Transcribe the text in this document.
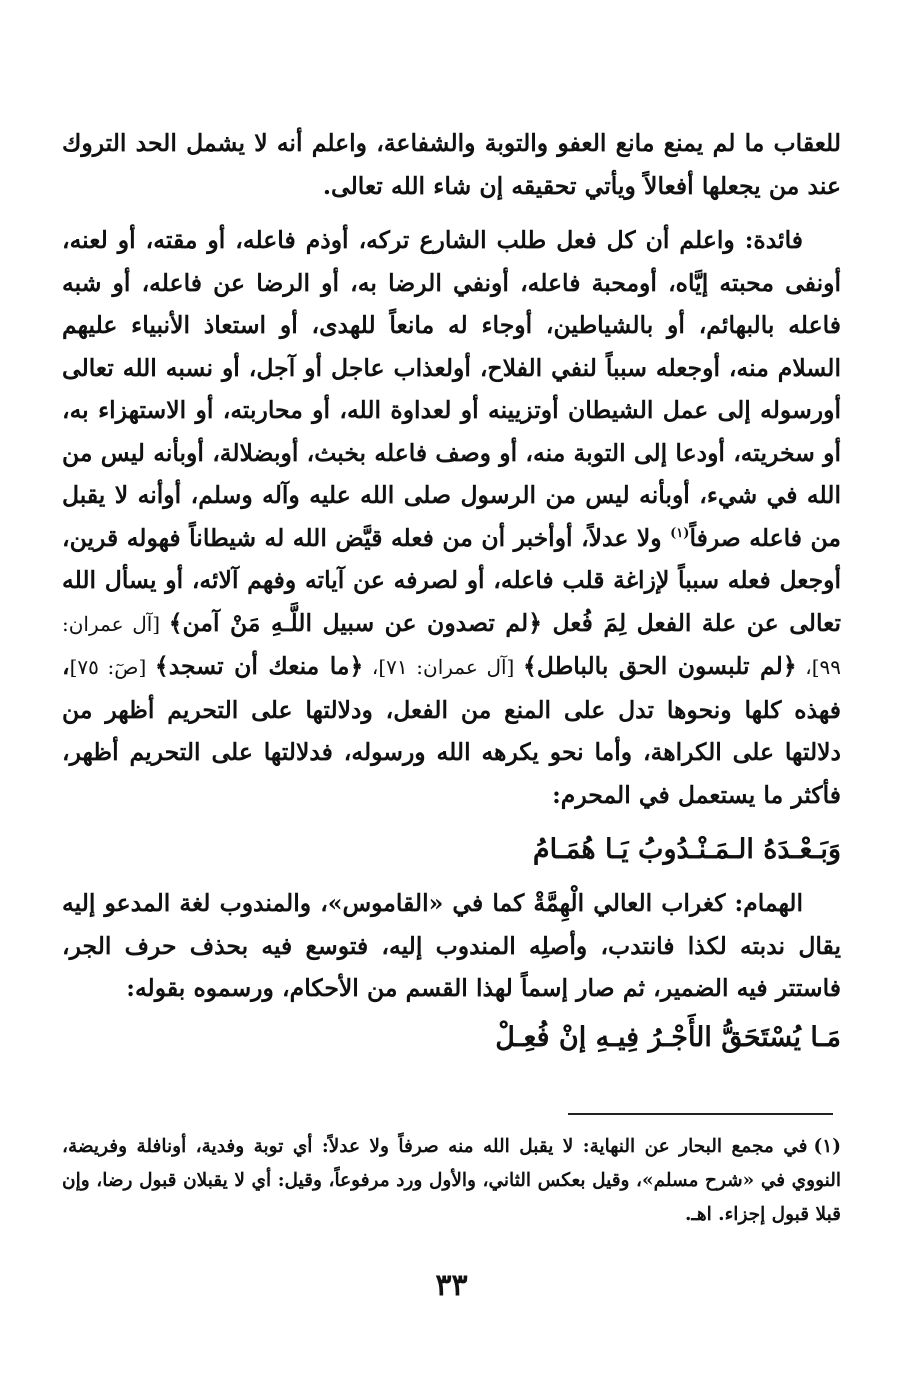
للعقاب ما لم يمنع مانع العفو والتوبة والشفاعة، واعلم أنه لا يشمل الحد التروك عند من يجعلها أفعالاً ويأتي تحقيقه إن شاء الله تعالى.

فائدة: واعلم أن كل فعل طلب الشارع تركه، أوذم فاعله، أو مقته، أو لعنه، أونفى محبته إيَّاه، أومحبة فاعله، أونفي الرضا به، أو الرضا عن فاعله، أو شبه فاعله بالبهائم، أو بالشياطين، أوجاء له مانعاً للهدى، أو استعاذ الأنبياء عليهم السلام منه، أوجعله سبباً لنفي الفلاح، أولعذاب عاجل أو آجل، أو نسبه الله تعالى أورسوله إلى عمل الشيطان أوتزيينه أو لعداوة الله، أو محاربته، أو الاستهزاء به، أو سخريته، أودعا إلى التوبة منه، أو وصف فاعله بخبث، أوبضلالة، أوبأنه ليس من الله في شيء، أوبأنه ليس من الرسول صلى الله عليه وآله وسلم، أوأنه لا يقبل من فاعله صرفاً$^{(١)}$ ولا عدلاً، أوأخبر أن من فعله قيَّض الله له شيطاناً فهوله قرين، أوجعل فعله سبباً لإزاغة قلب فاعله، أو لصرفه عن آياته وفهم آلائه، أو يسأل الله تعالى عن علة الفعل لِمَ فُعل ﴿لم تصدون عن سبيل اللَّـهِ مَنْ آمن﴾ [آل عمران: ٩٩]، ﴿لم تلبسون الحق بالباطل﴾ [آل عمران: ٧١]، ﴿ما منعك أن تسجد﴾ [صٓ: ٧٥]، فهذه كلها ونحوها تدل على المنع من الفعل، ودلالتها على التحريم أظهر من دلالتها على الكراهة، وأما نحو يكرهه الله ورسوله، فدلالتها على التحريم أظهر، فأكثر ما يستعمل في المحرم:

وَبَـعْـدَهُ الـمَـنْـدُوبُ يَـا هُمَـامُ

الهمام: كغراب العالي الْهِمَّةْ كما في «القاموس»، والمندوب لغة المدعو إليه يقال ندبته لكذا فانتدب، وأصلِه المندوب إليه، فتوسع فيه بحذف حرف الجر، فاستتر فيه الضمير، ثم صار إسماً لهذا القسم من الأحكام، ورسموه بقوله:

مَـا يُسْتَحَقُّ الأَجْـرُ فِيـهِ إنْ فُعِـلْ
(١)في مجمع البحار عن النهاية: لا يقبل الله منه صرفاً ولا عدلاً: أي توبة وفدية، أونافلة وفريضة، النووي في «شرح مسلم»، وقيل بعكس الثاني، والأول ورد مرفوعاً، وقيل: أي لا يقبلان قبول رضا، وإن قبلا قبول إجزاء. اهـ.
٣٣
